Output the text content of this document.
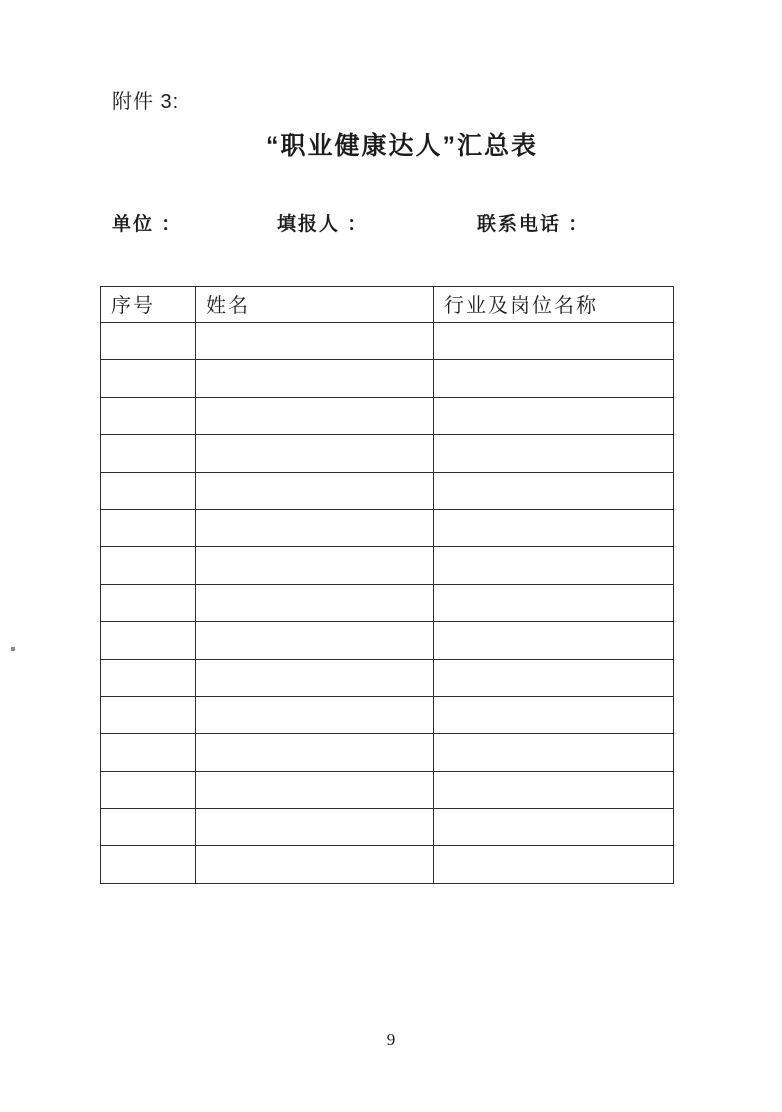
附件 3:
“职业健康达人”汇总表
单位 ：	填报人 ：	联系电话 ：
序号	姓名	行业及岗位名称

9
